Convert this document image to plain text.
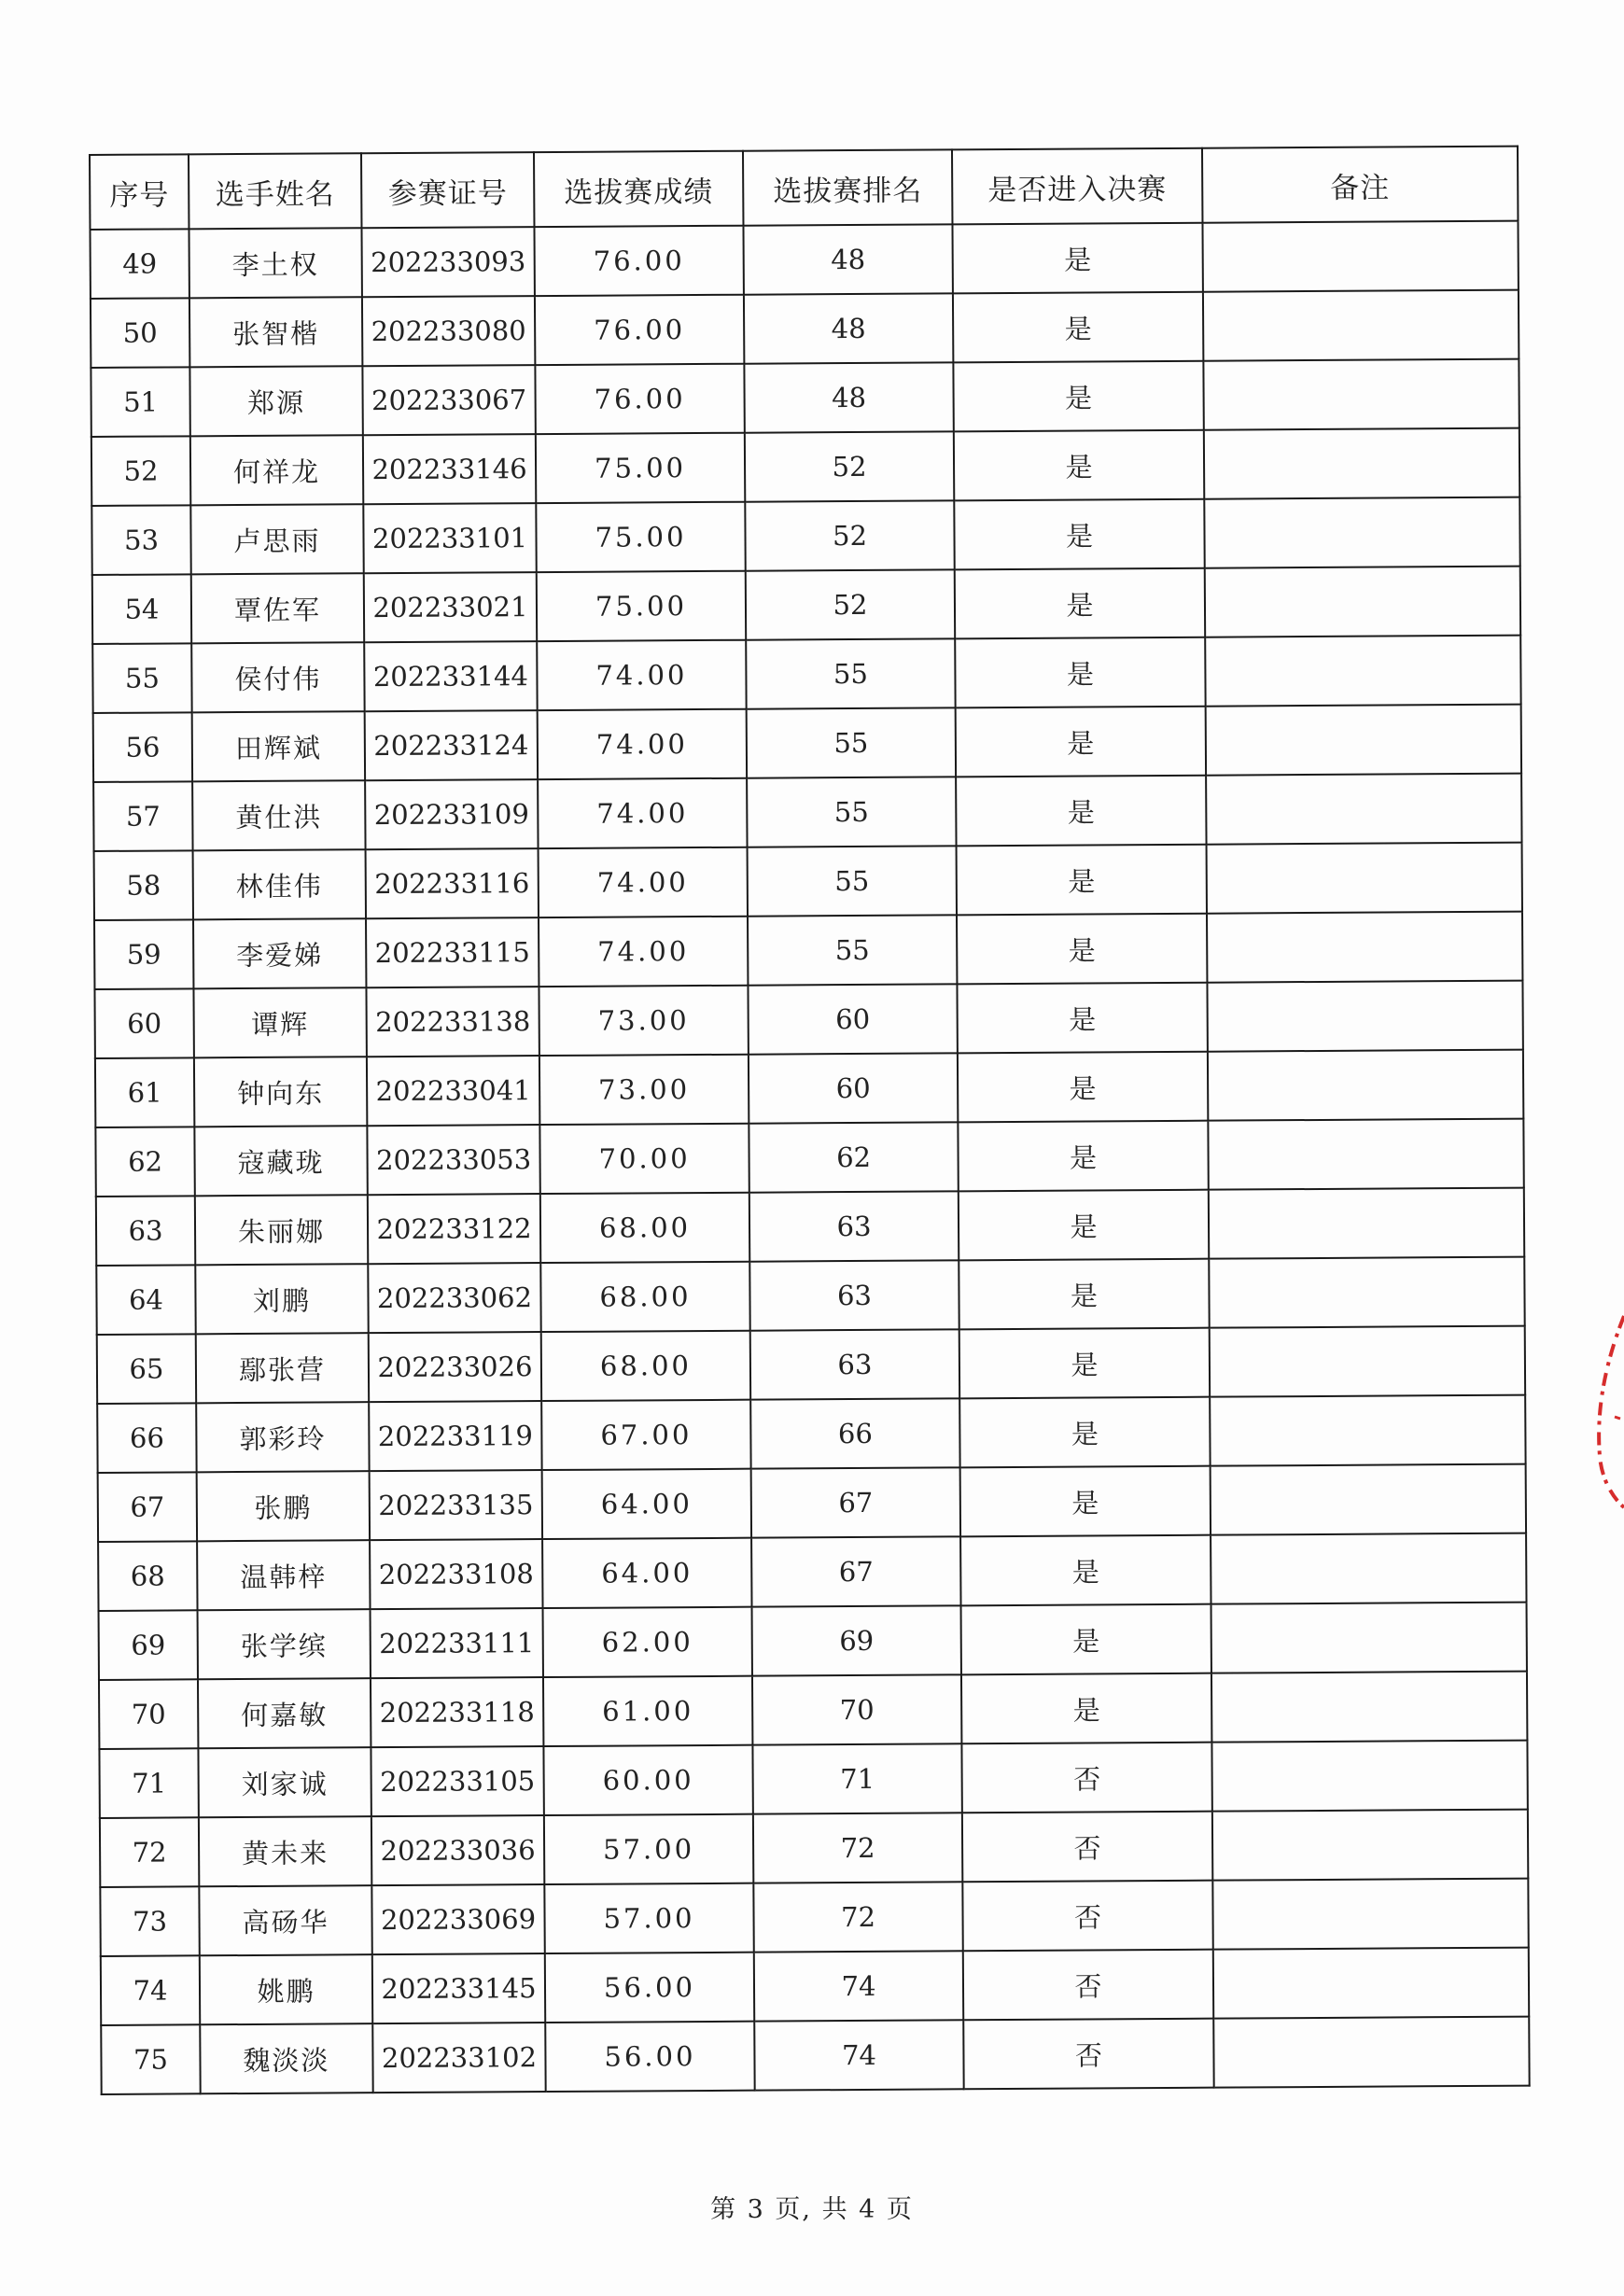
序号	选手姓名	参赛证号	选拔赛成绩	选拔赛排名	是否进入决赛	备注
49	李土权	202233093	76.00	48	是	
50	张智楷	202233080	76.00	48	是	
51	郑源	202233067	76.00	48	是	
52	何祥龙	202233146	75.00	52	是	
53	卢思雨	202233101	75.00	52	是	
54	覃佐军	202233021	75.00	52	是	
55	侯付伟	202233144	74.00	55	是	
56	田辉斌	202233124	74.00	55	是	
57	黄仕洪	202233109	74.00	55	是	
58	林佳伟	202233116	74.00	55	是	
59	李爱娣	202233115	74.00	55	是	
60	谭辉	202233138	73.00	60	是	
61	钟向东	202233041	73.00	60	是	
62	寇藏珑	202233053	70.00	62	是	
63	朱丽娜	202233122	68.00	63	是	
64	刘鹏	202233062	68.00	63	是	
65	鄢张营	202233026	68.00	63	是	
66	郭彩玲	202233119	67.00	66	是	
67	张鹏	202233135	64.00	67	是	
68	温韩梓	202233108	64.00	67	是	
69	张学缤	202233111	62.00	69	是	
70	何嘉敏	202233118	61.00	70	是	
71	刘家诚	202233105	60.00	71	否	
72	黄未来	202233036	57.00	72	否	
73	高砀华	202233069	57.00	72	否	
74	姚鹏	202233145	56.00	74	否	
75	魏淡淡	202233102	56.00	74	否	
第 3 页, 共 4 页
